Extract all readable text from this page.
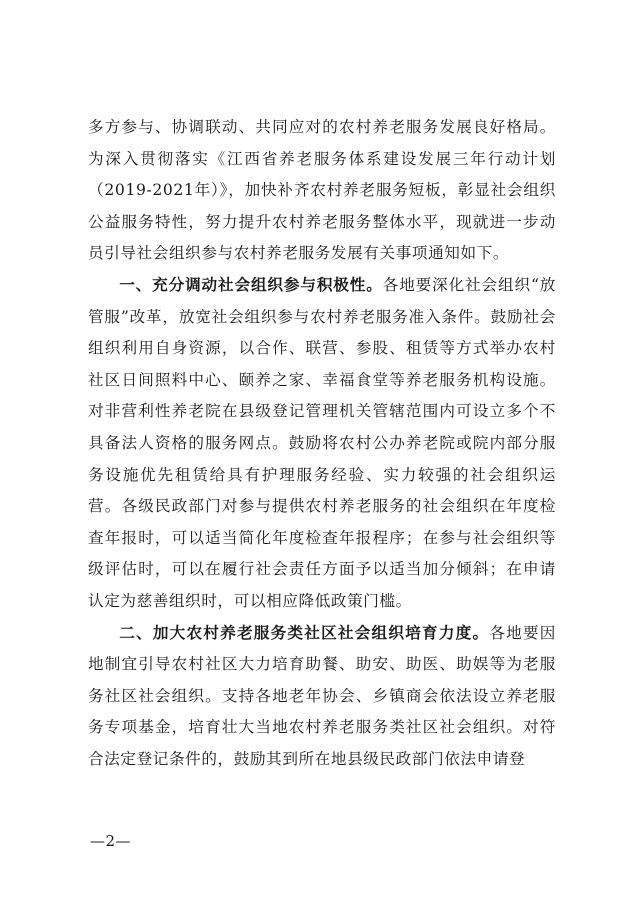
多方参与、协调联动、共同应对的农村养老服务发展良好格局。为深入贯彻落实《江西省养老服务体系建设发展三年行动计划（2019-2021年）》，加快补齐农村养老服务短板，彰显社会组织公益服务特性，努力提升农村养老服务整体水平，现就进一步动员引导社会组织参与农村养老服务发展有关事项通知如下。

一、充分调动社会组织参与积极性。各地要深化社会组织“放管服”改革，放宽社会组织参与农村养老服务准入条件。鼓励社会组织利用自身资源，以合作、联营、参股、租赁等方式举办农村社区日间照料中心、颐养之家、幸福食堂等养老服务机构设施。对非营利性养老院在县级登记管理机关管辖范围内可设立多个不具备法人资格的服务网点。鼓励将农村公办养老院或院内部分服务设施优先租赁给具有护理服务经验、实力较强的社会组织运营。各级民政部门对参与提供农村养老服务的社会组织在年度检查年报时，可以适当简化年度检查年报程序；在参与社会组织等级评估时，可以在履行社会责任方面予以适当加分倾斜；在申请认定为慈善组织时，可以相应降低政策门槛。

二、加大农村养老服务类社区社会组织培育力度。各地要因地制宜引导农村社区大力培育助餐、助安、助医、助娱等为老服务社区社会组织。支持各地老年协会、乡镇商会依法设立养老服务专项基金，培育壮大当地农村养老服务类社区社会组织。对符合法定登记条件的，鼓励其到所在地县级民政部门依法申请登

—2—
